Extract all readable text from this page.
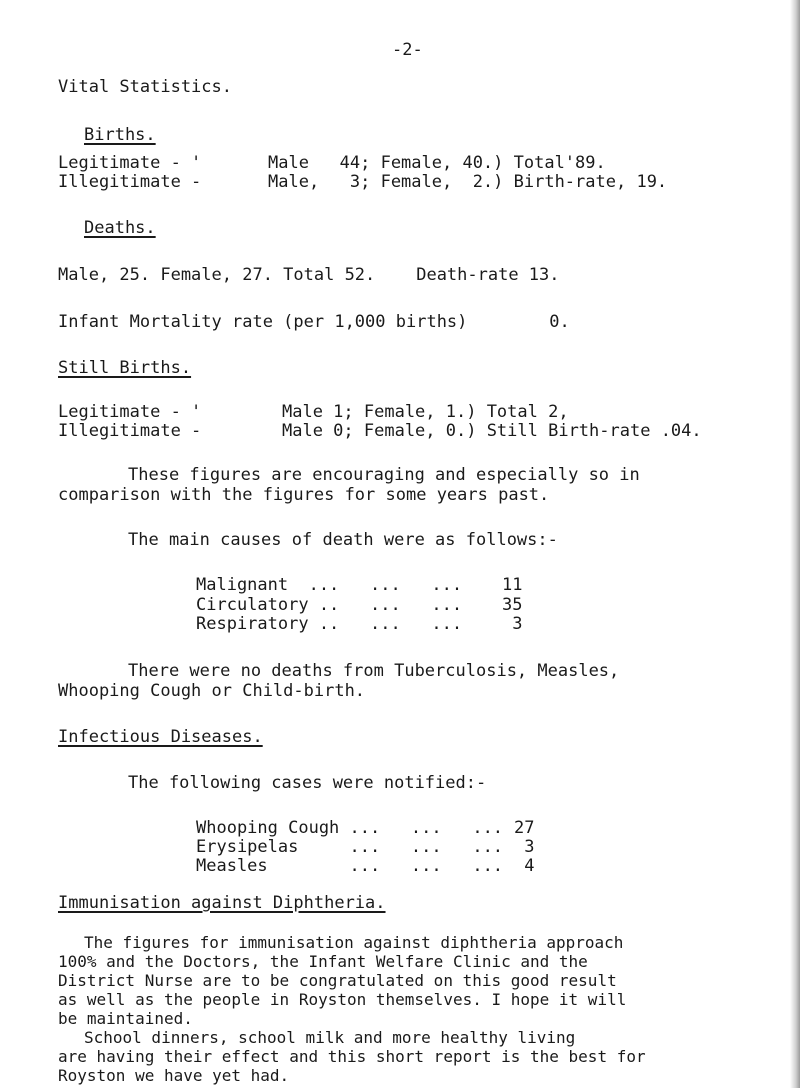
-2-
Vital Statistics.
Births.
Legitimate - '	Male   44; Female, 40.) Total'89.
Illegitimate -	Male,   3; Female,  2.) Birth-rate, 19.
Deaths.
Male, 25. Female, 27. Total 52.    Death-rate 13.
Infant Mortality rate (per 1,000 births)        0.
Still Births.
Legitimate - '	Male 1; Female, 1.) Total 2,
Illegitimate -	Male 0; Female, 0.) Still Birth-rate .04.
These figures are encouraging and especially so in
comparison with the figures for some years past.
The main causes of death were as follows:-
Malignant  ...   ...   ... 11
Circulatory ..   ...   ... 35
Respiratory ..   ...   ... 3
There were no deaths from Tuberculosis, Measles,
Whooping Cough or Child-birth.
Infectious Diseases.
The following cases were notified:-
Whooping Cough ...   ...   ... 27
Erysipelas     ...   ...   ... 3
Measles        ...   ...   ... 4
Immunisation against Diphtheria.
The figures for immunisation against diphtheria approach
100% and the Doctors, the Infant Welfare Clinic and the
District Nurse are to be congratulated on this good result
as well as the people in Royston themselves. I hope it will
be maintained.
School dinners, school milk and more healthy living
are having their effect and this short report is the best for
Royston we have yet had.
